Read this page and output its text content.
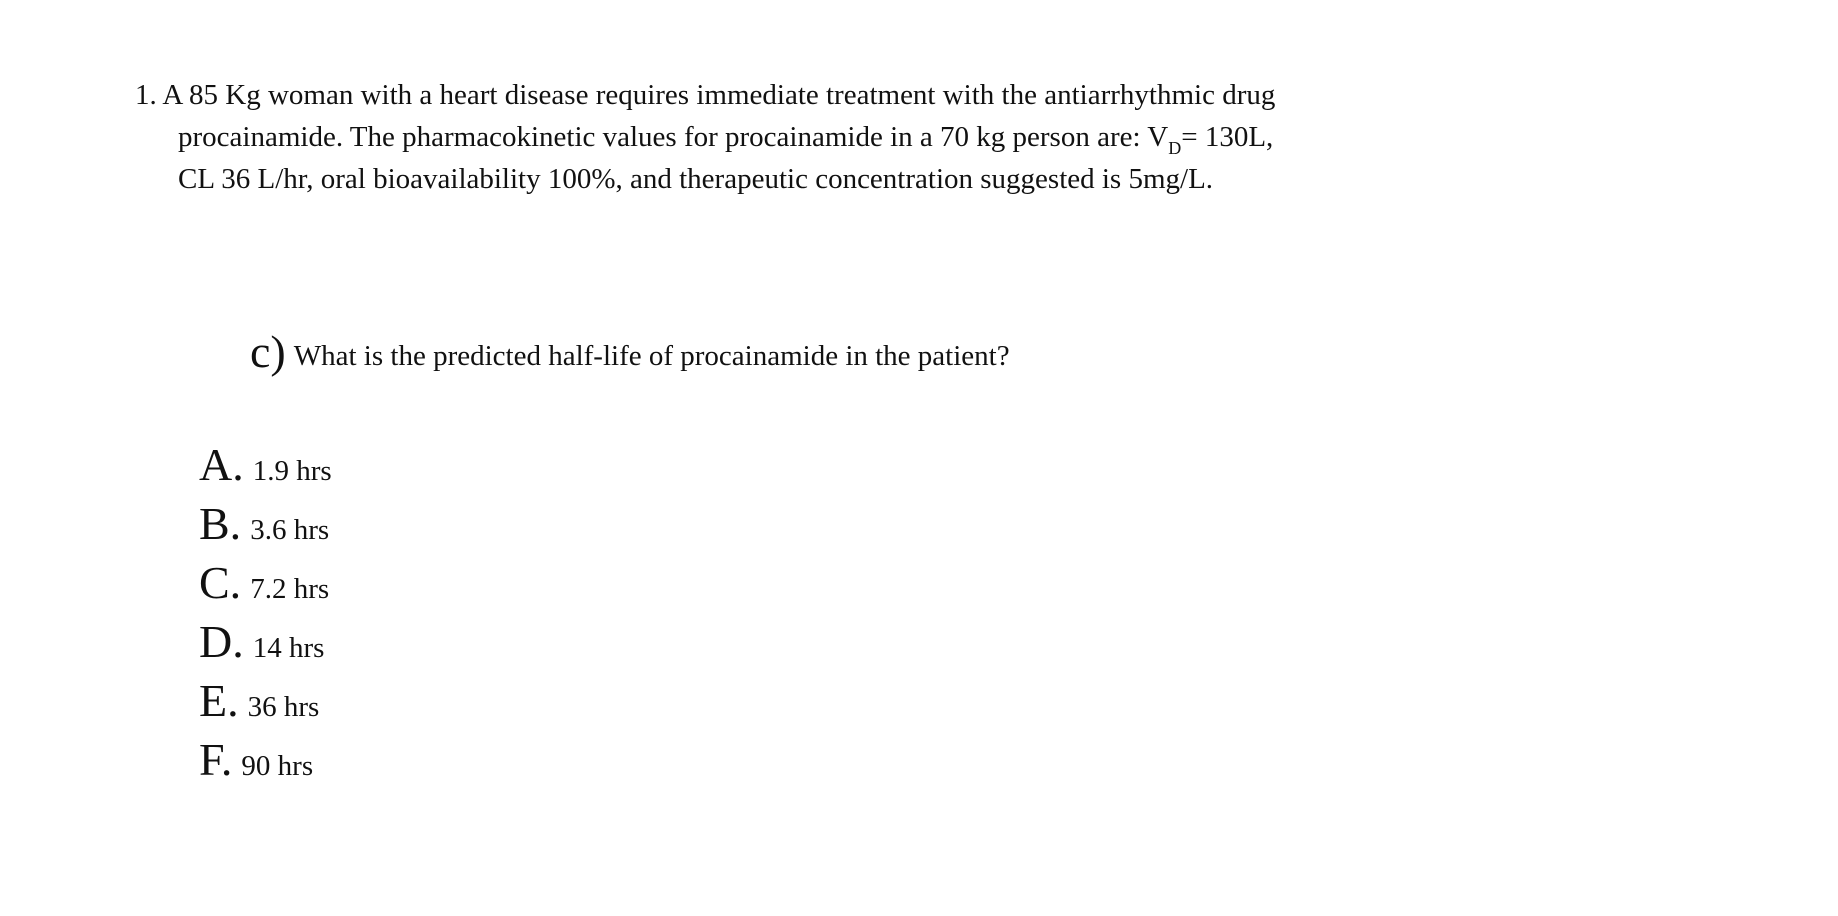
1. A 85 Kg woman with a heart disease requires immediate treatment with the antiarrhythmic drug
procainamide. The pharmacokinetic values for procainamide in a 70 kg person are: $V_D= 130L$,
CL 36 L/hr, oral bioavailability 100%, and therapeutic concentration suggested is 5mg/L.
c) What is the predicted half-life of procainamide in the patient?
A. 1.9 hrs
B. 3.6 hrs
C. 7.2 hrs
D. 14 hrs
E. 36 hrs
F. 90 hrs
